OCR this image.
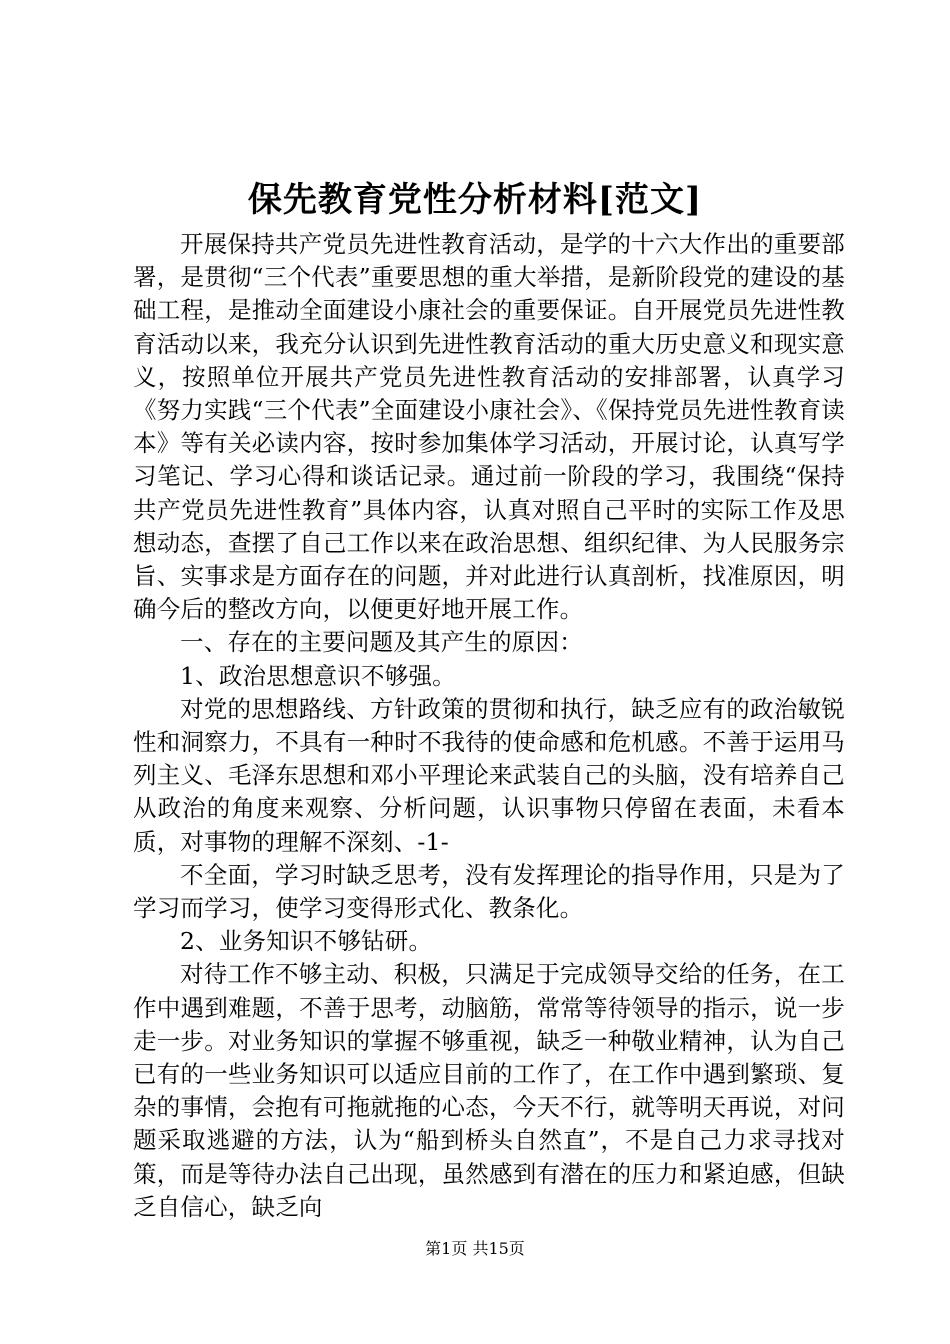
保先教育党性分析材料[范文]

开展保持共产党员先进性教育活动，是学的十六大作出的重要部署，是贯彻“三个代表”重要思想的重大举措，是新阶段党的建设的基础工程，是推动全面建设小康社会的重要保证。自开展党员先进性教育活动以来，我充分认识到先进性教育活动的重大历史意义和现实意义，按照单位开展共产党员先进性教育活动的安排部署，认真学习《努力实践“三个代表”全面建设小康社会》、《保持党员先进性教育读本》等有关必读内容，按时参加集体学习活动，开展讨论，认真写学习笔记、学习心得和谈话记录。通过前一阶段的学习，我围绕“保持共产党员先进性教育”具体内容，认真对照自己平时的实际工作及思想动态，查摆了自己工作以来在政治思想、组织纪律、为人民服务宗旨、实事求是方面存在的问题，并对此进行认真剖析，找准原因，明确今后的整改方向，以便更好地开展工作。

一、存在的主要问题及其产生的原因：

1、政治思想意识不够强。

对党的思想路线、方针政策的贯彻和执行，缺乏应有的政治敏锐性和洞察力，不具有一种时不我待的使命感和危机感。不善于运用马列主义、毛泽东思想和邓小平理论来武装自己的头脑，没有培养自己从政治的角度来观察、分析问题，认识事物只停留在表面，未看本质，对事物的理解不深刻、-1-

不全面，学习时缺乏思考，没有发挥理论的指导作用，只是为了学习而学习，使学习变得形式化、教条化。

2、业务知识不够钻研。

对待工作不够主动、积极，只满足于完成领导交给的任务，在工作中遇到难题，不善于思考，动脑筋，常常等待领导的指示，说一步走一步。对业务知识的掌握不够重视，缺乏一种敬业精神，认为自己已有的一些业务知识可以适应目前的工作了，在工作中遇到繁琐、复杂的事情，会抱有可拖就拖的心态，今天不行，就等明天再说，对问题采取逃避的方法，认为“船到桥头自然直”，不是自己力求寻找对策，而是等待办法自己出现，虽然感到有潜在的压力和紧迫感，但缺乏自信心，缺乏向

第1页 共15页
